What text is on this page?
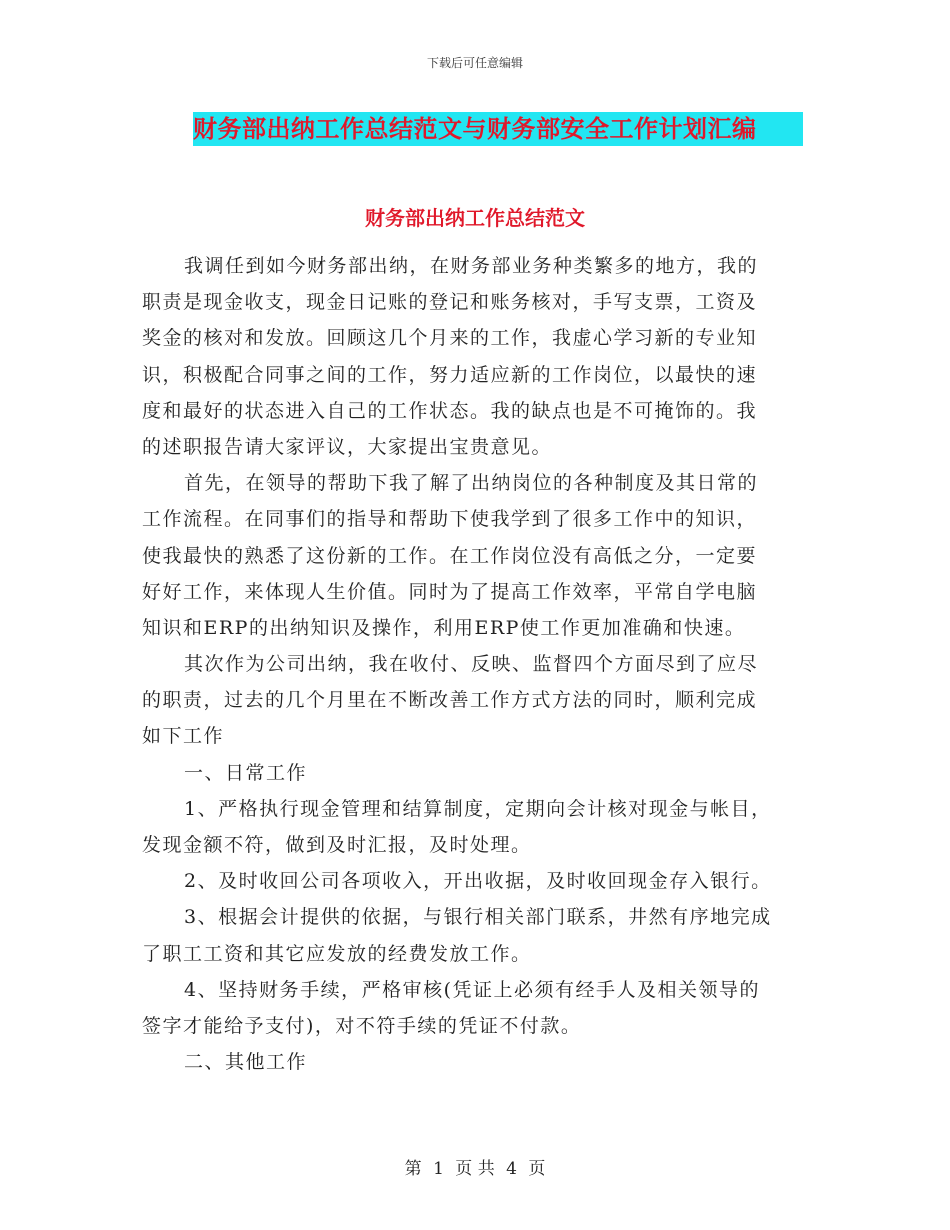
下载后可任意编辑
财务部出纳工作总结范文与财务部安全工作计划汇编
财务部出纳工作总结范文
我调任到如今财务部出纳，在财务部业务种类繁多的地方，我的
职责是现金收支，现金日记账的登记和账务核对，手写支票，工资及
奖金的核对和发放。回顾这几个月来的工作，我虚心学习新的专业知
识，积极配合同事之间的工作，努力适应新的工作岗位，以最快的速
度和最好的状态进入自己的工作状态。我的缺点也是不可掩饰的。我
的述职报告请大家评议，大家提出宝贵意见。
首先，在领导的帮助下我了解了出纳岗位的各种制度及其日常的
工作流程。在同事们的指导和帮助下使我学到了很多工作中的知识，
使我最快的熟悉了这份新的工作。在工作岗位没有高低之分，一定要
好好工作，来体现人生价值。同时为了提高工作效率，平常自学电脑
知识和ERP的出纳知识及操作，利用ERP使工作更加准确和快速。
其次作为公司出纳，我在收付、反映、监督四个方面尽到了应尽
的职责，过去的几个月里在不断改善工作方式方法的同时，顺利完成
如下工作
一、日常工作
1、严格执行现金管理和结算制度，定期向会计核对现金与帐目，
发现金额不符，做到及时汇报，及时处理。
2、及时收回公司各项收入，开出收据，及时收回现金存入银行。
3、根据会计提供的依据，与银行相关部门联系，井然有序地完成
了职工工资和其它应发放的经费发放工作。
4、坚持财务手续，严格审核(凭证上必须有经手人及相关领导的
签字才能给予支付)，对不符手续的凭证不付款。
二、其他工作
第 1 页 共 4 页
